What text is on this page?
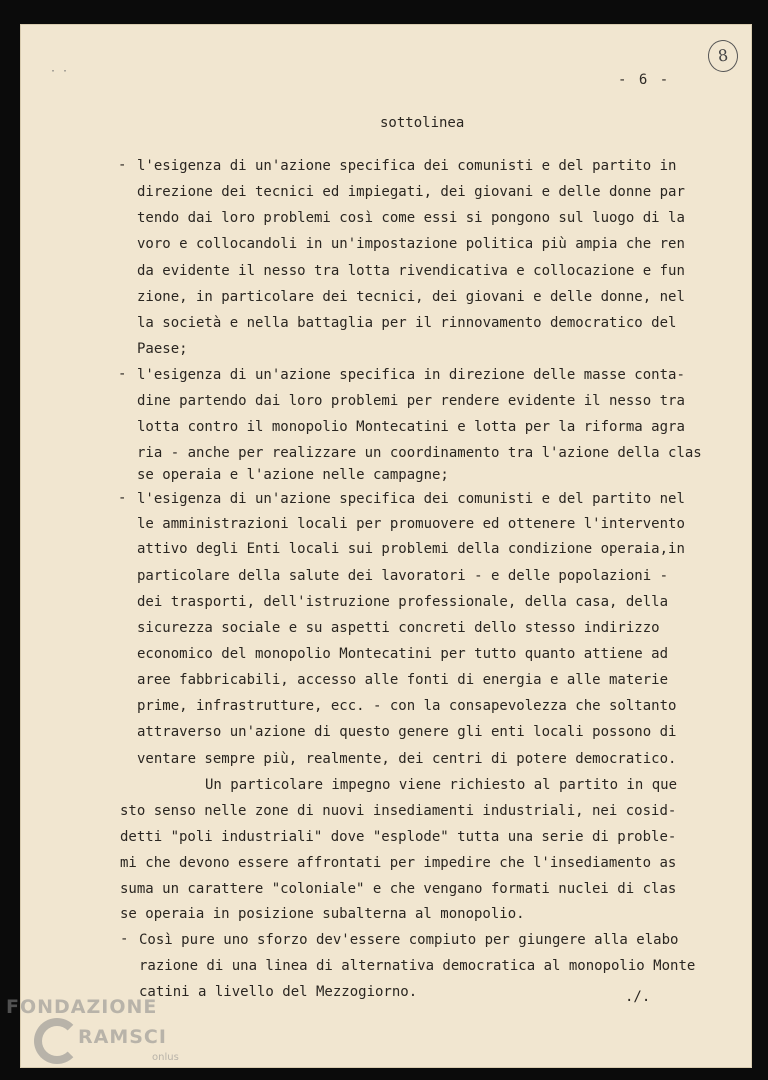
· ·
- 6 -
8
sottolinea
- l'esigenza di un'azione specifica dei comunisti e del partito in
direzione dei tecnici ed impiegati, dei giovani e delle donne par
tendo dai loro problemi così come essi si pongono sul luogo di la
voro e collocandoli in un'impostazione politica più ampia che ren
da evidente il nesso tra lotta rivendicativa e collocazione e fun
zione, in particolare dei tecnici, dei giovani e delle donne, nel
la società e nella battaglia per il rinnovamento democratico del
Paese;
- l'esigenza di un'azione specifica in direzione delle masse conta-
dine partendo dai loro problemi per rendere evidente il nesso tra
lotta contro il monopolio Montecatini e lotta per la riforma agra
ria - anche per realizzare un coordinamento tra l'azione della clas
se operaia e l'azione nelle campagne;
- l'esigenza di un'azione specifica dei comunisti e del partito nel
le amministrazioni locali per promuovere ed ottenere l'intervento
attivo degli Enti locali sui problemi della condizione operaia,in
particolare della salute dei lavoratori - e delle popolazioni -
dei trasporti, dell'istruzione professionale, della casa, della
sicurezza sociale e su aspetti concreti dello stesso indirizzo
economico del monopolio Montecatini per tutto quanto attiene ad
aree fabbricabili, accesso alle fonti di energia e alle materie
prime, infrastrutture, ecc. - con la consapevolezza che soltanto
attraverso un'azione di questo genere gli enti locali possono di
ventare sempre più, realmente, dei centri di potere democratico.
Un particolare impegno viene richiesto al partito in que
sto senso nelle zone di nuovi insediamenti industriali, nei cosid-
detti "poli industriali" dove "esplode" tutta una serie di proble-
mi che devono essere affrontati per impedire che l'insediamento as
suma un carattere "coloniale" e che vengano formati nuclei di clas
se operaia in posizione subalterna al monopolio.
- Così pure uno sforzo dev'essere compiuto per giungere alla elabo
razione di una linea di alternativa democratica al monopolio Monte
catini a livello del Mezzogiorno.	./.
FONDAZIONE
RAMSCI
onlus
